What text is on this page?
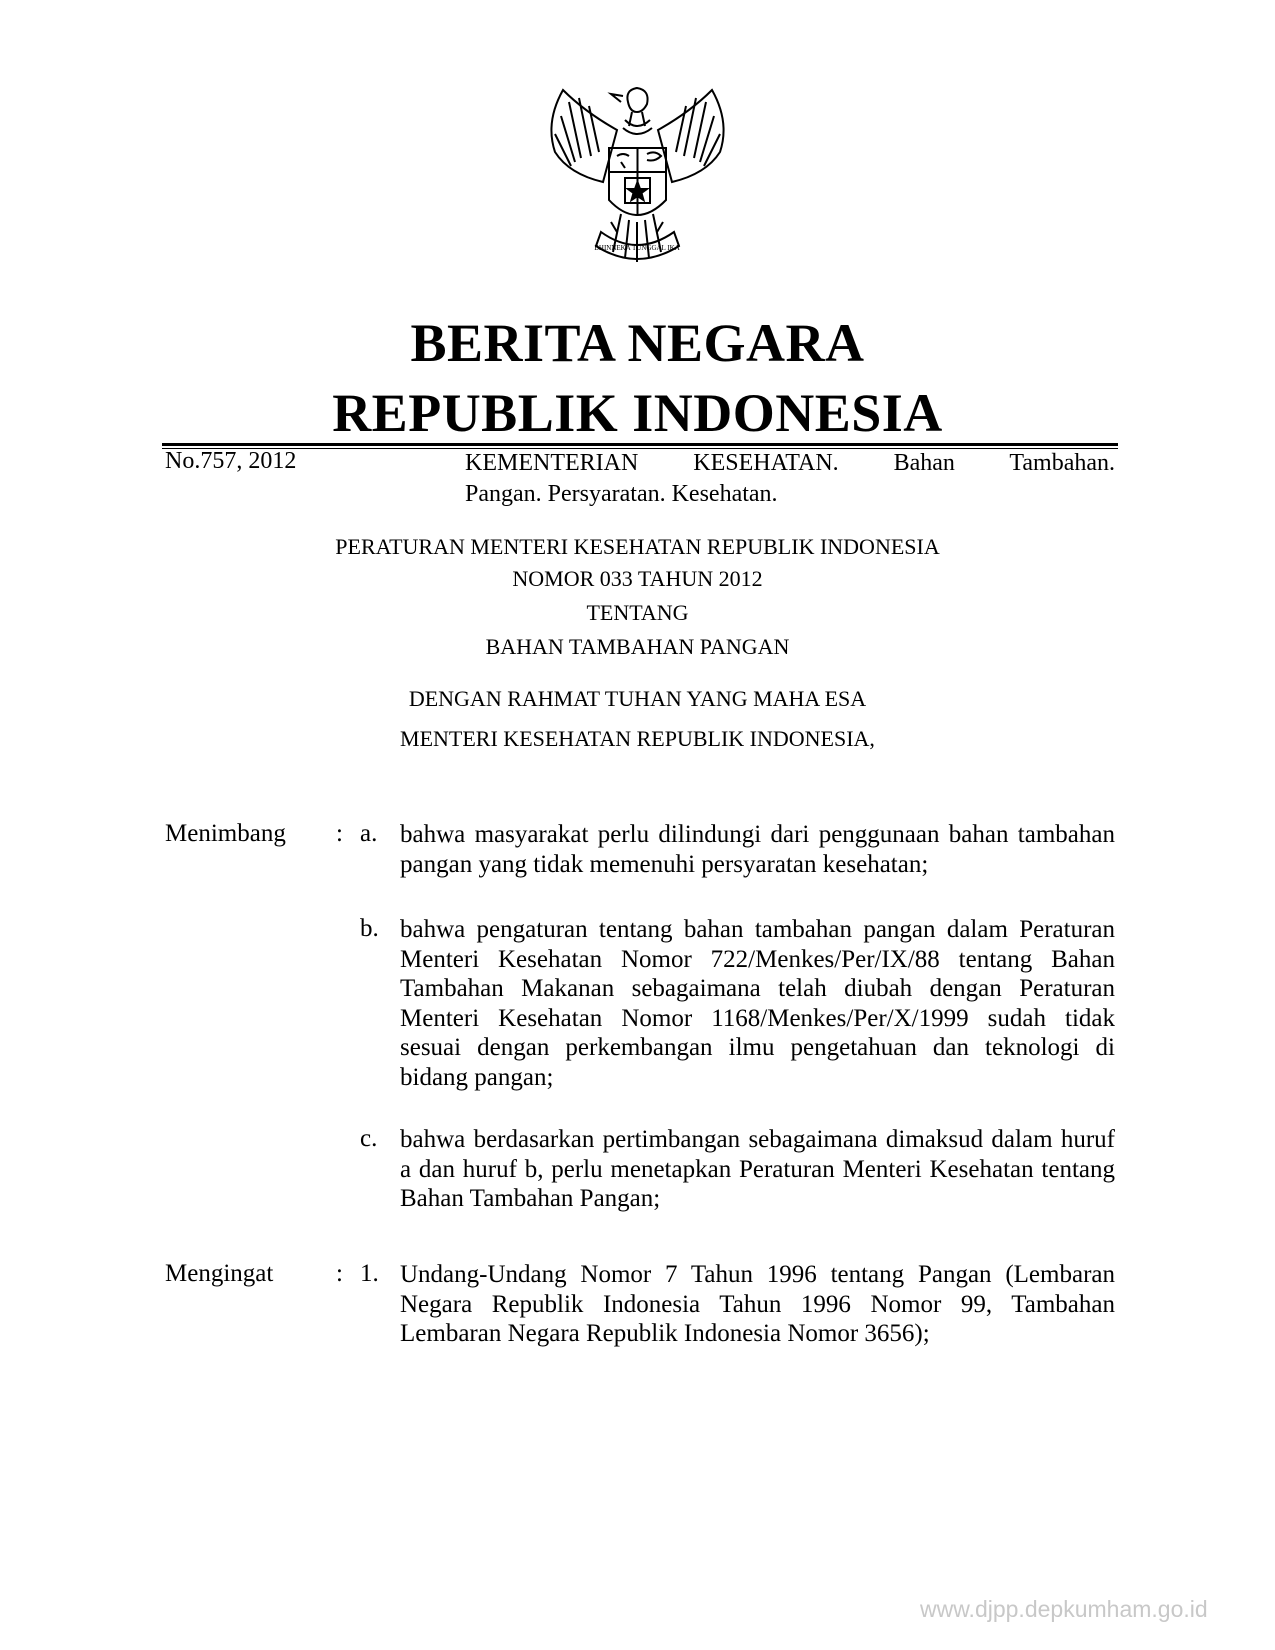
BHINNEKA TUNGGAL IKA
BERITA NEGARA
REPUBLIK INDONESIA
No.757, 2012	KEMENTERIAN KESEHATAN. Bahan Tambahan.
Pangan. Persyaratan. Kesehatan.
PERATURAN MENTERI KESEHATAN REPUBLIK INDONESIA
NOMOR 033 TAHUN 2012
TENTANG
BAHAN TAMBAHAN PANGAN
DENGAN RAHMAT TUHAN YANG MAHA ESA
MENTERI KESEHATAN REPUBLIK INDONESIA,
Menimbang : a. bahwa masyarakat perlu dilindungi dari penggunaan bahan tambahan pangan yang tidak memenuhi persyaratan kesehatan;
b. bahwa pengaturan tentang bahan tambahan pangan dalam Peraturan Menteri Kesehatan Nomor 722/Menkes/Per/IX/88 tentang Bahan Tambahan Makanan sebagaimana telah diubah dengan Peraturan Menteri Kesehatan Nomor 1168/Menkes/Per/X/1999 sudah tidak sesuai dengan perkembangan ilmu pengetahuan dan teknologi di bidang pangan;
c. bahwa berdasarkan pertimbangan sebagaimana dimaksud dalam huruf a dan huruf b, perlu menetapkan Peraturan Menteri Kesehatan tentang Bahan Tambahan Pangan;
Mengingat	: 1. Undang-Undang Nomor 7 Tahun 1996 tentang Pangan (Lembaran Negara Republik Indonesia Tahun 1996 Nomor 99, Tambahan Lembaran Negara Republik Indonesia Nomor 3656);
www.djpp.depkumham.go.id
